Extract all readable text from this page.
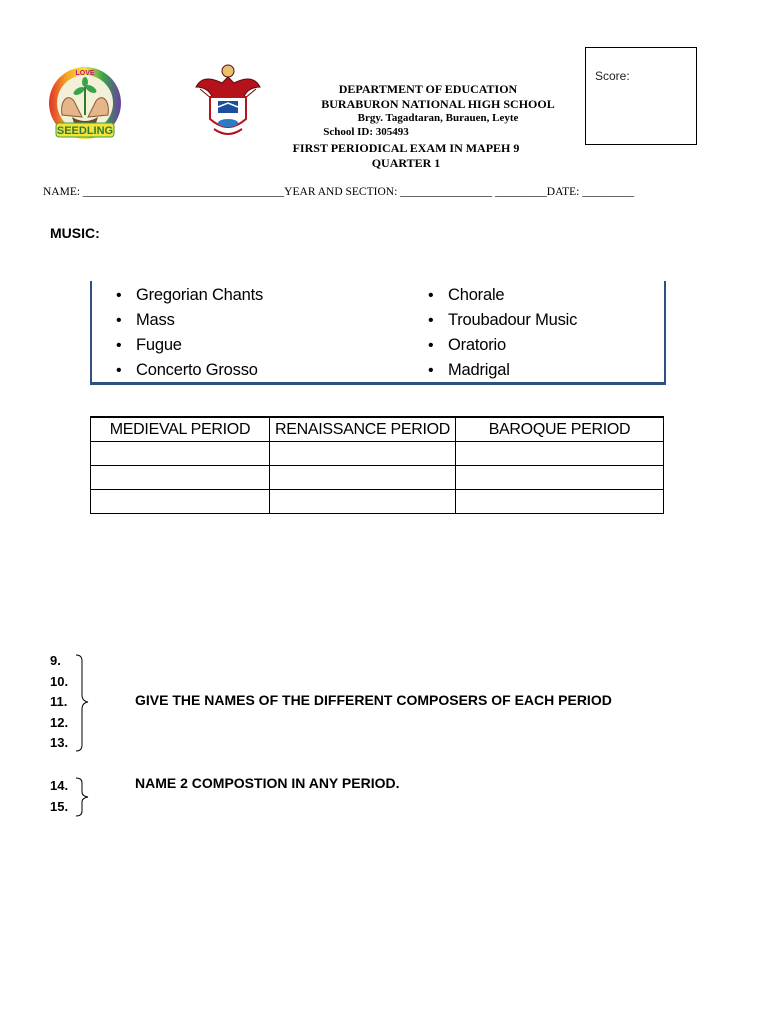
SEEDLING
LOVE
DEPARTMENT OF EDUCATION
BURABURON NATIONAL HIGH SCHOOL
Brgy. Tagadtaran, Burauen, Leyte
School ID: 305493
FIRST PERIODICAL EXAM IN MAPEH 9
QUARTER 1
Score:
NAME: ___________________________________YEAR AND SECTION: ________________ _________DATE: _________
MUSIC:
• Gregorian Chants
• Mass
• Fugue
• Concerto Grosso
• Chorale
• Troubadour Music
• Oratorio
• Madrigal
MEDIEVAL PERIOD	RENAISSANCE PERIOD	BAROQUE PERIOD

9.
10.
11.
12.
13.
GIVE THE NAMES OF THE DIFFERENT COMPOSERS OF EACH PERIOD
14.
15.
NAME 2 COMPOSTION IN ANY PERIOD.
